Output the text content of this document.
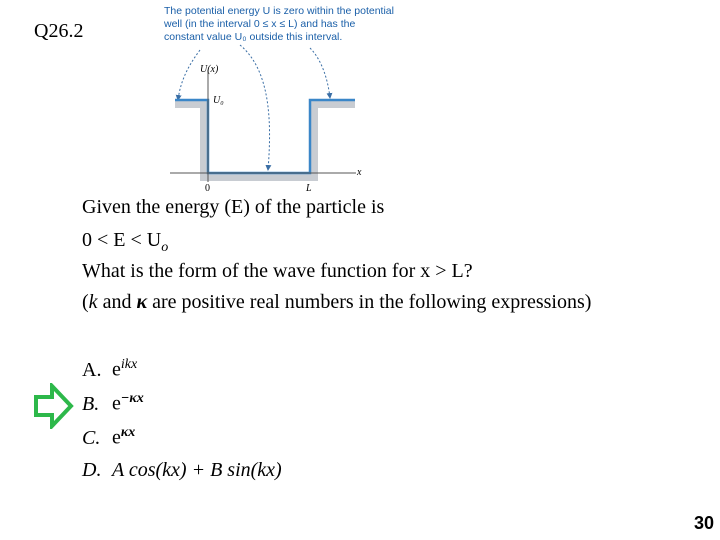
Q26.2
The potential energy U is zero within the potential well (in the interval 0 ≤ x ≤ L) and has the constant value U₀ outside this interval.
U(x)
U₀
x
0	L
Given the energy (E) of the particle is
$0 < E < U_o$
What is the form of the wave function for x > L?
(k and κ are positive real numbers in the following expressions)
A. $e^{ikx}$
B. $e^{-\kappa x}$
C. $e^{\kappa x}$
D. A cos(kx) + B sin(kx)
30
